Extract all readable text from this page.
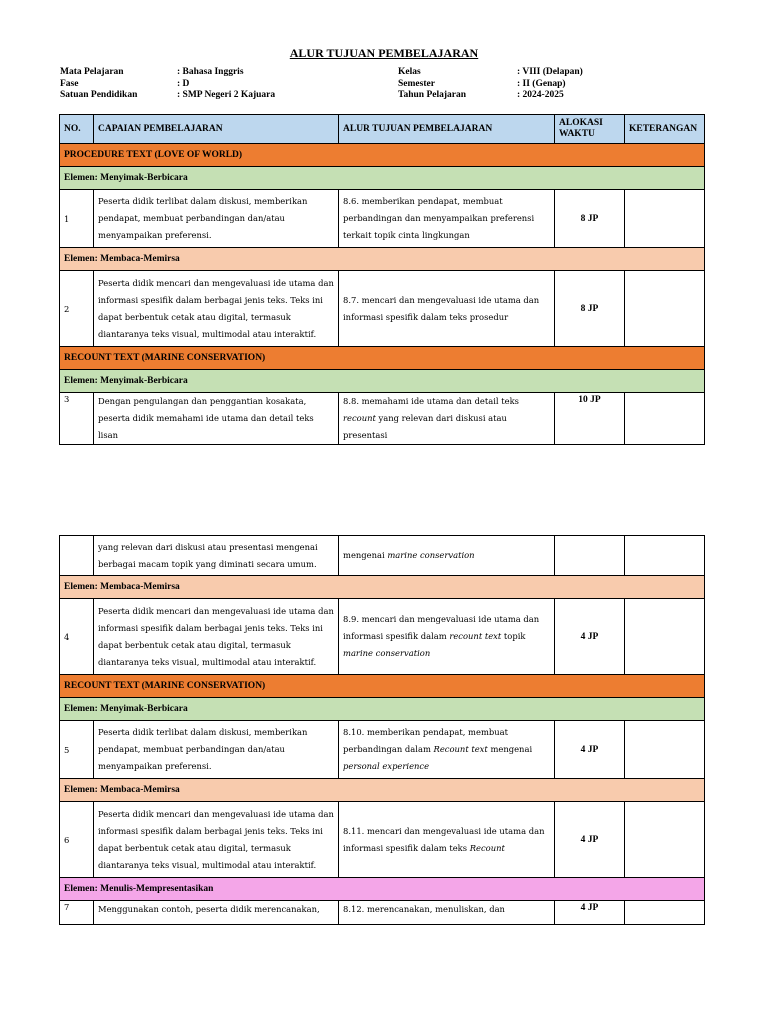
ALUR TUJUAN PEMBELAJARAN
Mata Pelajaran	: Bahasa Inggris
Fase	: D
Satuan Pendidikan	: SMP Negeri 2 Kajuara
Kelas	: VIII (Delapan)
Semester	: II (Genap)
Tahun Pelajaran	: 2024-2025
NO.	CAPAIAN PEMBELAJARAN	ALUR TUJUAN PEMBELAJARAN	ALOKASI WAKTU	KETERANGAN
PROCEDURE TEXT (LOVE OF WORLD)				
Elemen: Menyimak-Berbicara				
1	Peserta didik terlibat dalam diskusi, memberikan pendapat, membuat perbandingan dan/atau menyampaikan preferensi.	8.6. memberikan pendapat, membuat perbandingan dan menyampaikan preferensi terkait topik cinta lingkungan	8 JP	
Elemen: Membaca-Memirsa				
2	Peserta didik mencari dan mengevaluasi ide utama dan informasi spesifik dalam berbagai jenis teks. Teks ini dapat berbentuk cetak atau digital, termasuk diantaranya teks visual, multimodal atau interaktif.	8.7. mencari dan mengevaluasi ide utama dan informasi spesifik dalam teks prosedur	8 JP	
RECOUNT TEXT (MARINE CONSERVATION)				
Elemen: Menyimak-Berbicara				
3	Dengan pengulangan dan penggantian kosakata, peserta didik memahami ide utama dan detail teks lisan	8.8. memahami ide utama dan detail teks recount yang relevan dari diskusi atau presentasi	10 JP	
	yang relevan dari diskusi atau presentasi mengenai berbagai macam topik yang diminati secara umum.	mengenai marine conservation		
Elemen: Membaca-Memirsa				
4	Peserta didik mencari dan mengevaluasi ide utama dan informasi spesifik dalam berbagai jenis teks. Teks ini dapat berbentuk cetak atau digital, termasuk diantaranya teks visual, multimodal atau interaktif.	8.9. mencari dan mengevaluasi ide utama dan informasi spesifik dalam recount text topik marine conservation	4 JP	
RECOUNT TEXT (MARINE CONSERVATION)				
Elemen: Menyimak-Berbicara				
5	Peserta didik terlibat dalam diskusi, memberikan pendapat, membuat perbandingan dan/atau menyampaikan preferensi.	8.10. memberikan pendapat, membuat perbandingan dalam Recount text mengenai personal experience	4 JP	
Elemen: Membaca-Memirsa				
6	Peserta didik mencari dan mengevaluasi ide utama dan informasi spesifik dalam berbagai jenis teks. Teks ini dapat berbentuk cetak atau digital, termasuk diantaranya teks visual, multimodal atau interaktif.	8.11. mencari dan mengevaluasi ide utama dan informasi spesifik dalam teks Recount	4 JP	
Elemen: Menulis-Mempresentasikan				
7	Menggunakan contoh, peserta didik merencanakan,	8.12. merencanakan, menuliskan, dan	4 JP	
